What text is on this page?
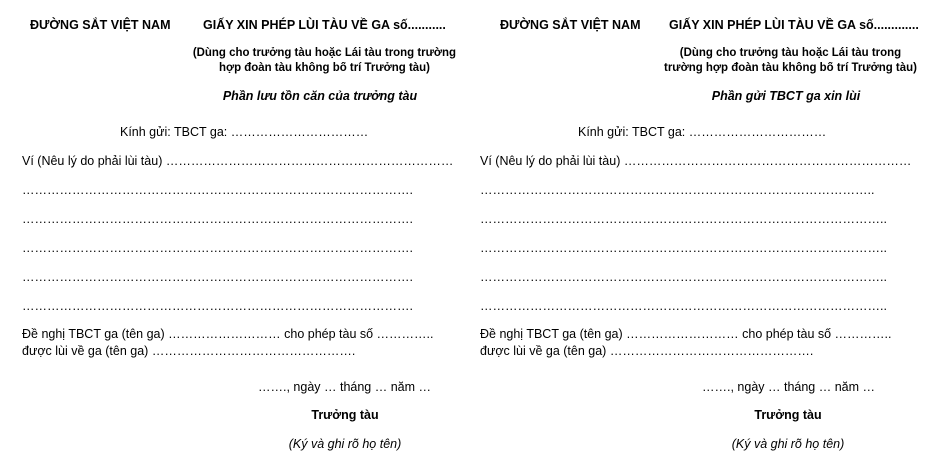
ĐƯỜNG SẮT VIỆT NAM	GIẤY XIN PHÉP LÙI TÀU VỀ GA số...........
(Dùng cho trưởng tàu hoặc Lái tàu trong trường
hợp đoàn tàu không bố trí Trưởng tàu)
Phần lưu tồn căn của trưởng tàu
Kính gửi: TBCT ga: ……………………………
Ví (Nêu lý do phải lùi tàu) ……………………………………………………………
………………………………………………………………………………….
………………………………………………………………………………….
………………………………………………………………………………….
………………………………………………………………………………….
………………………………………………………………………………….
Đề nghị TBCT ga (tên ga) ……………………… cho phép tàu số …………..
được lùi về ga (tên ga) ………………………………………….
……., ngày … tháng … năm …
Trưởng tàu
(Ký và ghi rõ họ tên)
ĐƯỜNG SẮT VIỆT NAM GIẤY XIN PHÉP LÙI TÀU VỀ GA số.............
(Dùng cho trưởng tàu hoặc Lái tàu trong
trường hợp đoàn tàu không bố trí Trưởng tàu)
Phần gửi TBCT ga xin lùi
Kính gửi: TBCT ga: ……………………………
Ví (Nêu lý do phải lùi tàu) ……………………………………………………………
…………………………………………………………………………………..
……………………………………………………………………………………..
……………………………………………………………………………………..
……………………………………………………………………………………..
……………………………………………………………………………………..
Đề nghị TBCT ga (tên ga) ……………………… cho phép tàu số …………..
được lùi về ga (tên ga) ………………………………………….
……., ngày … tháng … năm …
Trưởng tàu
(Ký và ghi rõ họ tên)
